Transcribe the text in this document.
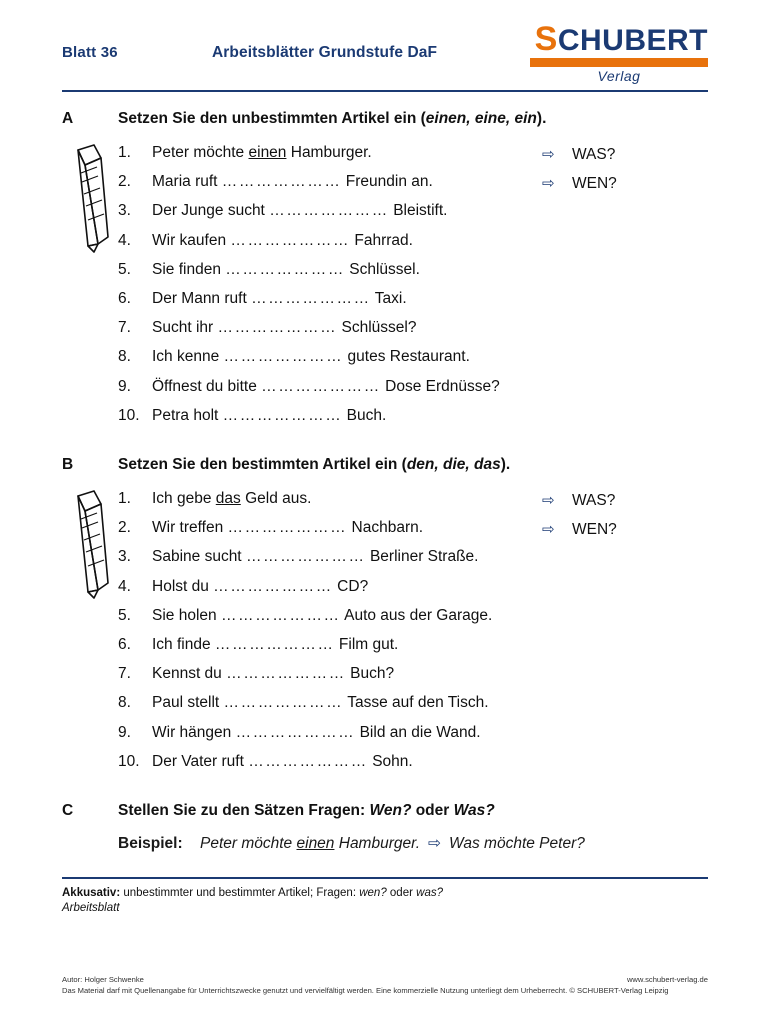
Blatt 36	Arbeitsblätter Grundstufe DaF	SCHUBERT
Verlag
A	Setzen Sie den unbestimmten Artikel ein (einen, eine, ein).
1.	Peter möchte einen Hamburger.
2.	Maria ruft ………………… Freundin an.
3.	Der Junge sucht ………………… Bleistift.
4.	Wir kaufen ………………… Fahrrad.
5.	Sie finden ………………… Schlüssel.
6.	Der Mann ruft ………………… Taxi.
7.	Sucht ihr ………………… Schlüssel?
8.	Ich kenne ………………… gutes Restaurant.
9.	Öffnest du bitte ………………… Dose Erdnüsse?
10. Petra holt ………………… Buch.
⇨	WAS?
⇨	WEN?
B	Setzen Sie den bestimmten Artikel ein (den, die, das).
1.	Ich gebe das Geld aus.
2.	Wir treffen ………………… Nachbarn.
3.	Sabine sucht ………………… Berliner Straße.
4.	Holst du ………………… CD?
5.	Sie holen ………………… Auto aus der Garage.
6.	Ich finde ………………… Film gut.
7.	Kennst du ………………… Buch?
8.	Paul stellt ………………… Tasse auf den Tisch.
9.	Wir hängen ………………… Bild an die Wand.
10. Der Vater ruft ………………… Sohn.
⇨	WAS?
⇨	WEN?
C	Stellen Sie zu den Sätzen Fragen: Wen? oder Was?
Beispiel:	Peter möchte einen Hamburger. ⇨ Was möchte Peter?
Akkusativ: unbestimmter und bestimmter Artikel; Fragen: wen? oder was?
Arbeitsblatt
Autor: Holger Schwenke	www.schubert-verlag.de
Das Material darf mit Quellenangabe für Unterrichtszwecke genutzt und vervielfältigt werden. Eine kommerzielle Nutzung unterliegt dem Urheberrecht. © SCHUBERT-Verlag Leipzig
